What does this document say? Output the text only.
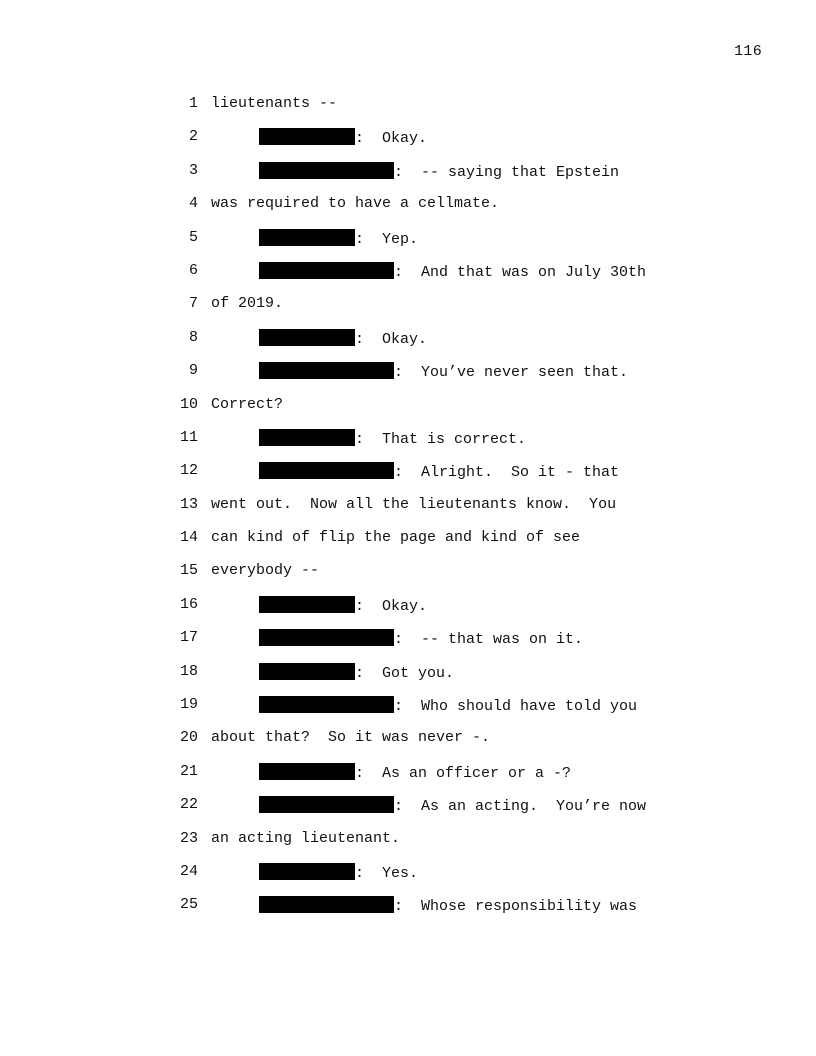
116
1 lieutenants --
2	:  Okay.
3	:  -- saying that Epstein
4 was required to have a cellmate.
5	:  Yep.
6	:  And that was on July 30th
7 of 2019.
8	:  Okay.
9	:  You’ve never seen that.
10 Correct?
11	:  That is correct.
12	:  Alright.  So it - that
13 went out.  Now all the lieutenants know.  You
14 can kind of flip the page and kind of see
15 everybody --
16	:  Okay.
17	:  -- that was on it.
18	:  Got you.
19	:  Who should have told you
20 about that?  So it was never -.
21	:  As an officer or a -?
22	:  As an acting.  You’re now
23 an acting lieutenant.
24	:  Yes.
25	:  Whose responsibility was
